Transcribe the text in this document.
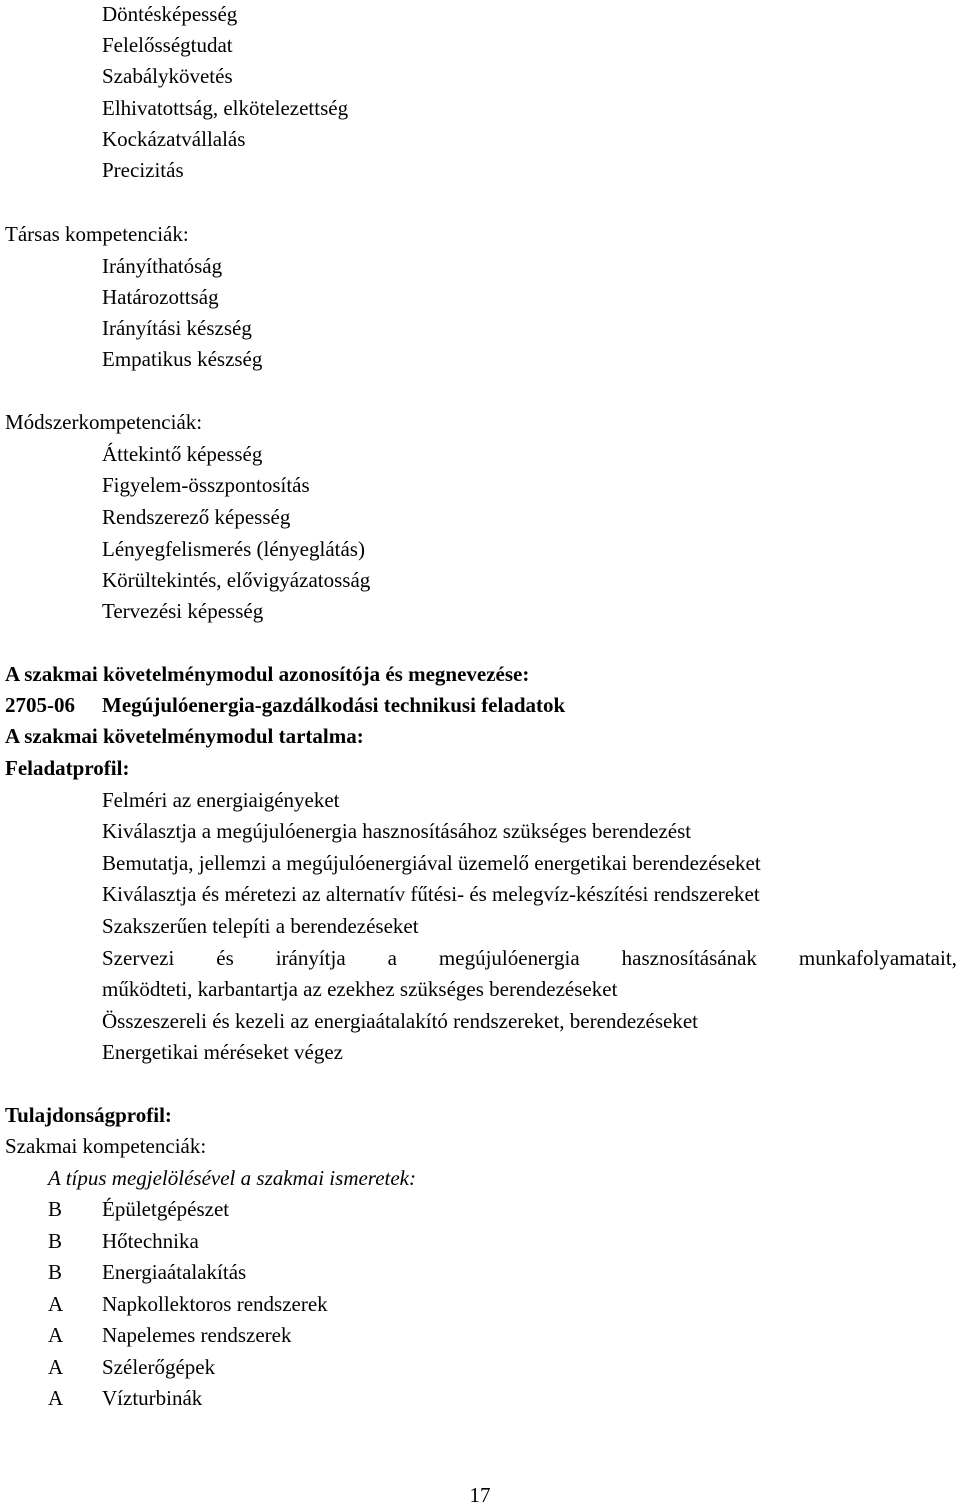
Döntésképesség
Felelősségtudat
Szabálykövetés
Elhivatottság, elkötelezettség
Kockázatvállalás
Precizitás
Társas kompetenciák:
Irányíthatóság
Határozottság
Irányítási készség
Empatikus készség
Módszerkompetenciák:
Áttekintő képesség
Figyelem-összpontosítás
Rendszerező képesség
Lényegfelismerés (lényeglátás)
Körültekintés, elővigyázatosság
Tervezési képesség
A szakmai követelménymodul azonosítója és megnevezése:
2705-06 Megújulóenergia-gazdálkodási technikusi feladatok
A szakmai követelménymodul tartalma:
Feladatprofil:
Felméri az energiaigényeket
Kiválasztja a megújulóenergia hasznosításához szükséges berendezést
Bemutatja, jellemzi a megújulóenergiával üzemelő energetikai berendezéseket
Kiválasztja és méretezi az alternatív fűtési- és melegvíz-készítési rendszereket
Szakszerűen telepíti a berendezéseket
Szervezi és irányítja a megújulóenergia hasznosításának munkafolyamatait,
működteti, karbantartja az ezekhez szükséges berendezéseket
Összeszereli és kezeli az energiaátalakító rendszereket, berendezéseket
Energetikai méréseket végez
Tulajdonságprofil:
Szakmai kompetenciák:
A típus megjelölésével a szakmai ismeretek:
B Épületgépészet
B Hőtechnika
B Energiaátalakítás
A Napkollektoros rendszerek
A Napelemes rendszerek
A Szélerőgépek
A Vízturbinák
17
